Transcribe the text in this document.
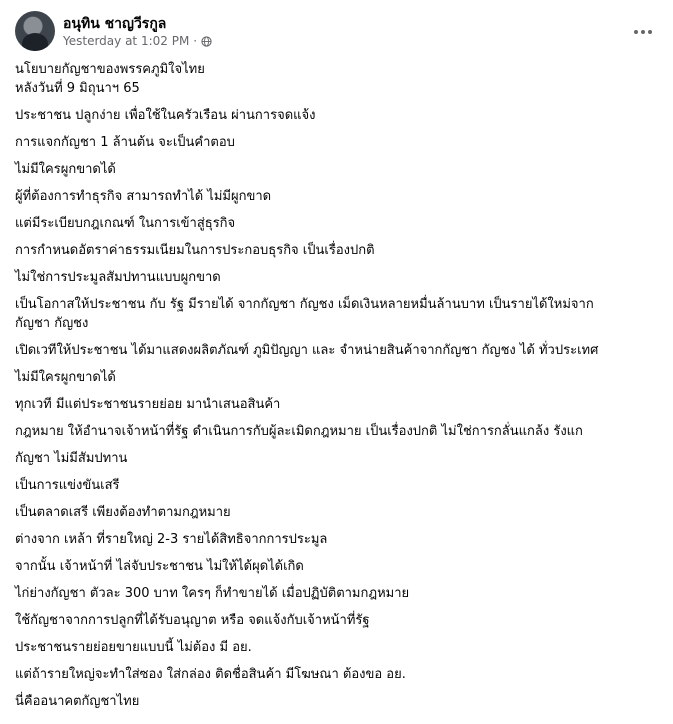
อนุทิน ชาญวีรกูล
Yesterday at 1:02 PM ·
นโยบายกัญชาของพรรคภูมิใจไทย
หลังวันที่ 9 มิถุนาฯ 65
ประชาชน ปลูกง่าย เพื่อใช้ในครัวเรือน ผ่านการจดแจ้ง
การแจกกัญชา 1 ล้านต้น จะเป็นคำตอบ
ไม่มีใครผูกขาดได้
ผู้ที่ต้องการทำธุรกิจ สามารถทำได้ ไม่มีผูกขาด
แต่มีระเบียบกฎเกณฑ์ ในการเข้าสู่ธุรกิจ
การกำหนดอัตราค่าธรรมเนียมในการประกอบธุรกิจ เป็นเรื่องปกติ
ไม่ใช่การประมูลสัมปทานแบบผูกขาด
เป็นโอกาสให้ประชาชน กับ รัฐ มีรายได้ จากกัญชา กัญชง เม็ดเงินหลายหมื่นล้านบาท เป็นรายได้ใหม่จาก
กัญชา กัญชง
เปิดเวทีให้ประชาชน ได้มาแสดงผลิตภัณฑ์ ภูมิปัญญา และ จำหน่ายสินค้าจากกัญชา กัญชง ได้ ทั่วประเทศ
ไม่มีใครผูกขาดได้
ทุกเวที มีแต่ประชาชนรายย่อย มานำเสนอสินค้า
กฎหมาย ให้อำนาจเจ้าหน้าที่รัฐ ดำเนินการกับผู้ละเมิดกฎหมาย เป็นเรื่องปกติ ไม่ใช่การกลั่นแกล้ง รังแก
กัญชา ไม่มีสัมปทาน
เป็นการแข่งขันเสรี
เป็นตลาดเสรี เพียงต้องทำตามกฎหมาย
ต่างจาก เหล้า ที่รายใหญ่ 2-3 รายได้สิทธิจากการประมูล
จากนั้น เจ้าหน้าที่ ไล่จับประชาชน ไม่ให้ได้ผุดได้เกิด
ไก่ย่างกัญชา ตัวละ 300 บาท ใครๆ ก็ทำขายได้ เมื่อปฏิบัติตามกฎหมาย
ใช้กัญชาจากการปลูกที่ได้รับอนุญาต หรือ จดแจ้งกับเจ้าหน้าที่รัฐ
ประชาชนรายย่อยขายแบบนี้ ไม่ต้อง มี อย.
แต่ถ้ารายใหญ่จะทำใส่ซอง ใส่กล่อง ติดชื่อสินค้า มีโฆษณา ต้องขอ อย.
นี่คืออนาคตกัญชาไทย
